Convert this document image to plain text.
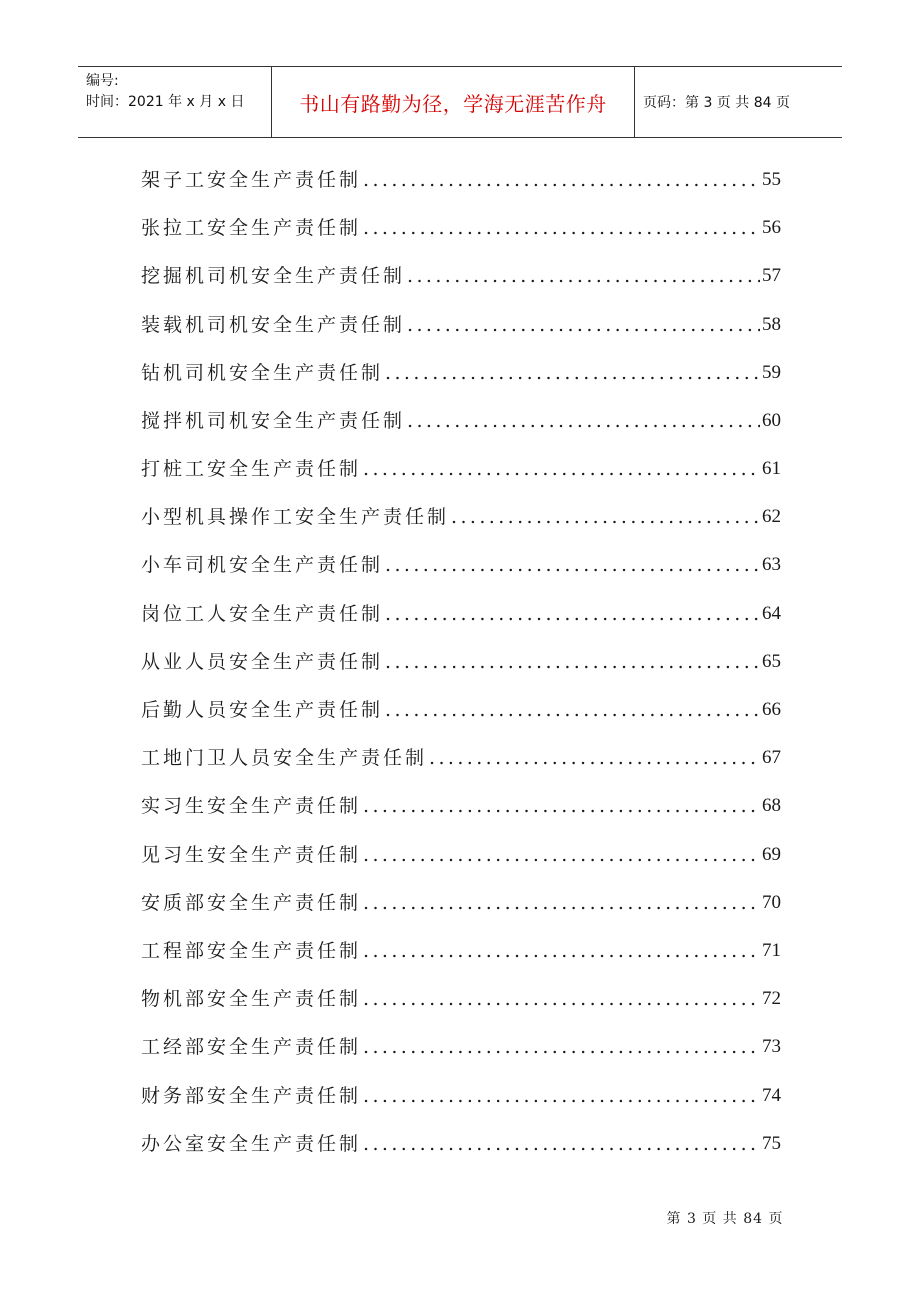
编号:
时间：2021 年 x 月 x 日	书山有路勤为径，学海无涯苦作舟	页码：第 3 页 共 84 页
架子工安全生产责任制 .....	55
张拉工安全生产责任制 .....	56
挖掘机司机安全生产责任制 .....	57
装载机司机安全生产责任制 .....	58
钻机司机安全生产责任制 .....	59
搅拌机司机安全生产责任制 .....	60
打桩工安全生产责任制 .....	61
小型机具操作工安全生产责任制 .....	62
小车司机安全生产责任制 .....	63
岗位工人安全生产责任制 .....	64
从业人员安全生产责任制 .....	65
后勤人员安全生产责任制 .....	66
工地门卫人员安全生产责任制 .....	67
实习生安全生产责任制 .....	68
见习生安全生产责任制 .....	69
安质部安全生产责任制 .....	70
工程部安全生产责任制 .....	71
物机部安全生产责任制 .....	72
工经部安全生产责任制 .....	73
财务部安全生产责任制 .....	74
办公室安全生产责任制 .....	75
第 3 页 共 84 页
